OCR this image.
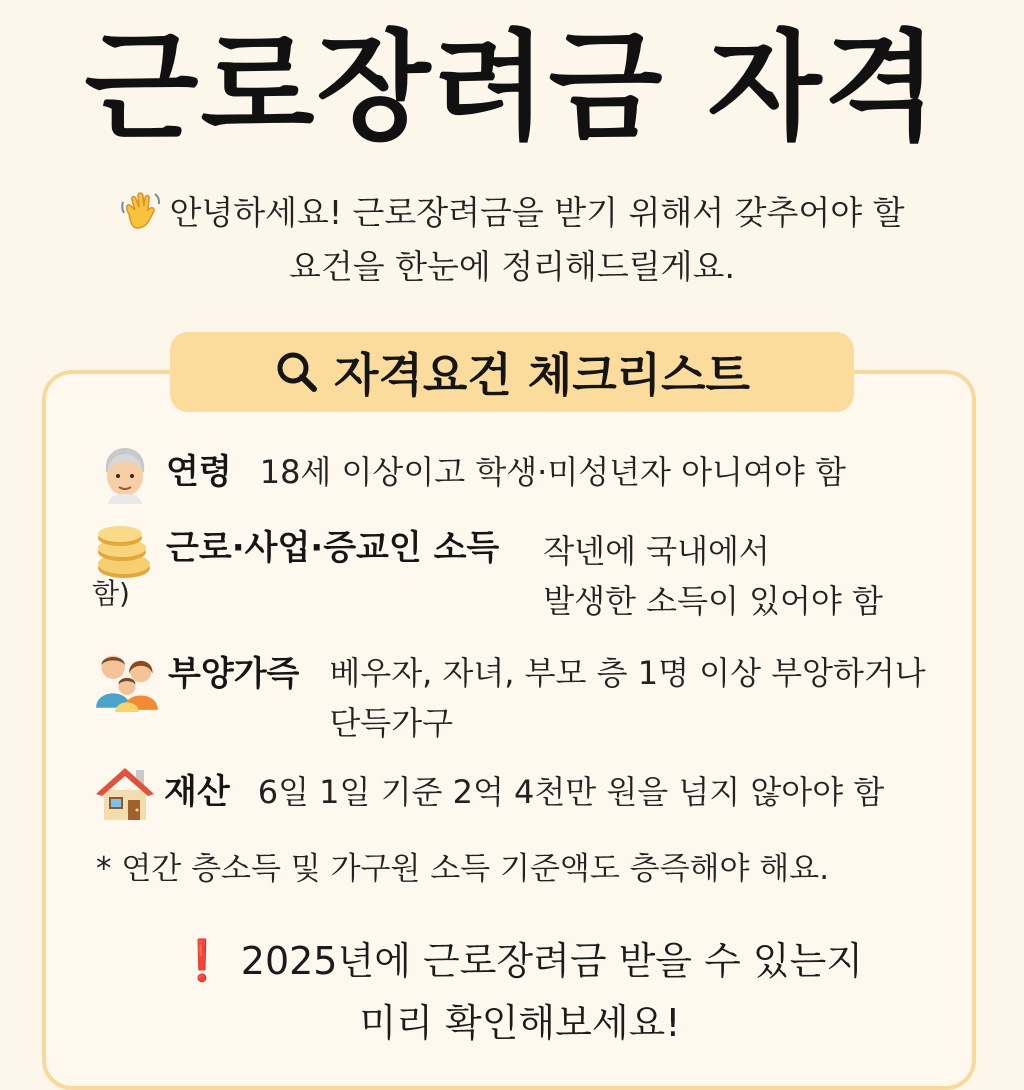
근로장려금 자격
안녕하세요! 근로장려금을 받기 위해서 갖추어야 할
요건을 한눈에 정리해드릴게요.
자격요건 체크리스트
연령 18세 이상이고 학생·미성년자 아니여야 함
근로·사업·증교인 소득
함)
작넨에 국내에서
발생한 소득이 있어야 함
부양가즉 베우자, 자녀, 부모 층 1명 이상 부앙하거나
단득가구
재산 6일 1일 기준 2억 4천만 원을 넘지 않아야 함
* 연간 층소득 및 가구원 소득 기준액도 층즉해야 해요.
❗ 2025년에 근로장려금 받을 수 있는지
미리 확인해보세요!
